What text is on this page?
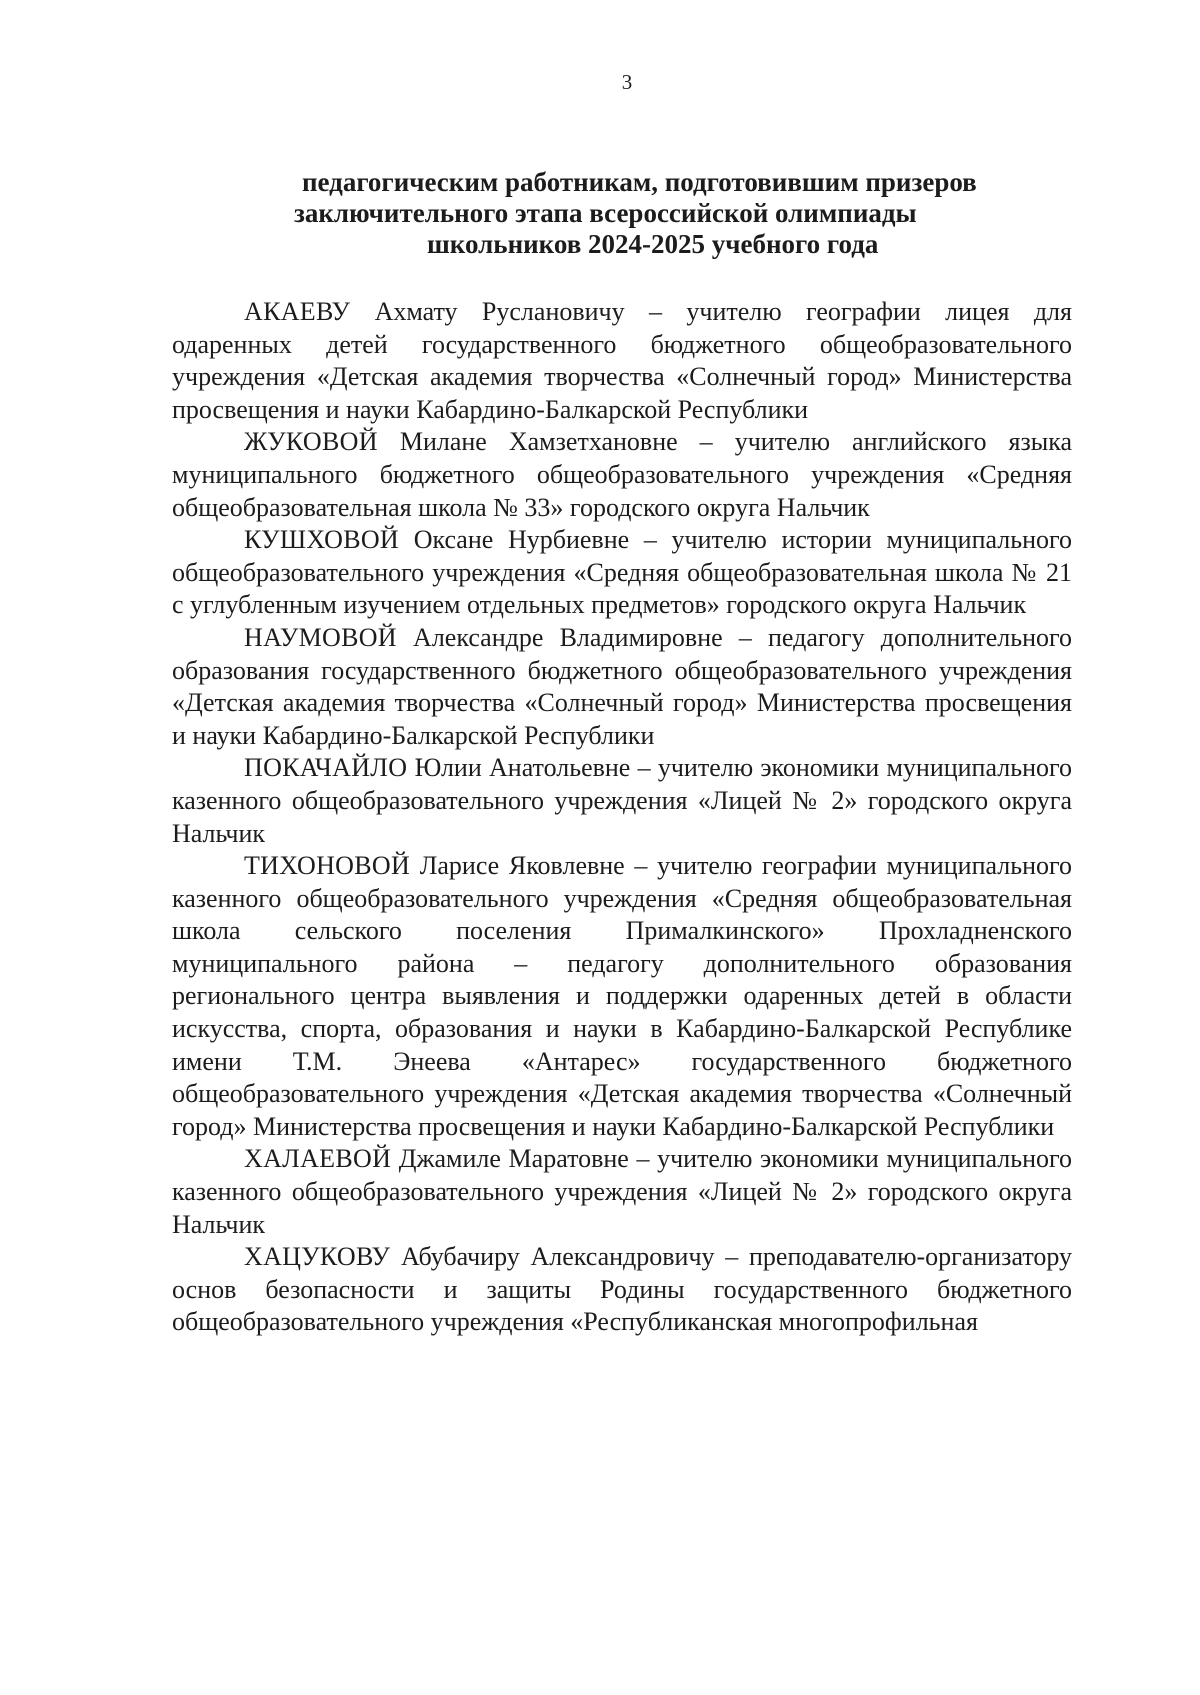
3
педагогическим работникам, подготовившим призеров
заключительного этапа всероссийской олимпиады
школьников 2024-2025 учебного года

АКАЕВУ Ахмату Руслановичу – учителю географии лицея для одаренных детей государственного бюджетного общеобразовательного учреждения «Детская академия творчества «Солнечный город» Министерства просвещения и науки Кабардино-Балкарской Республики

ЖУКОВОЙ Милане Хамзетхановне – учителю английского языка муниципального бюджетного общеобразовательного учреждения «Средняя общеобразовательная школа № 33» городского округа Нальчик

КУШХОВОЙ Оксане Нурбиевне – учителю истории муниципального общеобразовательного учреждения «Средняя общеобразовательная школа № 21 с углубленным изучением отдельных предметов» городского округа Нальчик

НАУМОВОЙ Александре Владимировне – педагогу дополнительного образования государственного бюджетного общеобразовательного учреждения «Детская академия творчества «Солнечный город» Министерства просвещения и науки Кабардино-Балкарской Республики

ПОКАЧАЙЛО Юлии Анатольевне – учителю экономики муниципального казенного общеобразовательного учреждения «Лицей № 2» городского округа Нальчик

ТИХОНОВОЙ Ларисе Яковлевне – учителю географии муниципального казенного общеобразовательного учреждения «Средняя общеобразовательная школа сельского поселения Прималкинского» Прохладненского муниципального района – педагогу дополнительного образования регионального центра выявления и поддержки одаренных детей в области искусства, спорта, образования и науки в Кабардино-Балкарской Республике имени Т.М. Энеева «Антарес» государственного бюджетного общеобразовательного учреждения «Детская академия творчества «Солнечный город» Министерства просвещения и науки Кабардино-Балкарской Республики

ХАЛАЕВОЙ Джамиле Маратовне – учителю экономики муниципального казенного общеобразовательного учреждения «Лицей № 2» городского округа Нальчик

ХАЦУКОВУ Абубачиру Александровичу – преподавателю-организатору основ безопасности и защиты Родины государственного бюджетного общеобразовательного учреждения «Республиканская многопрофильная
